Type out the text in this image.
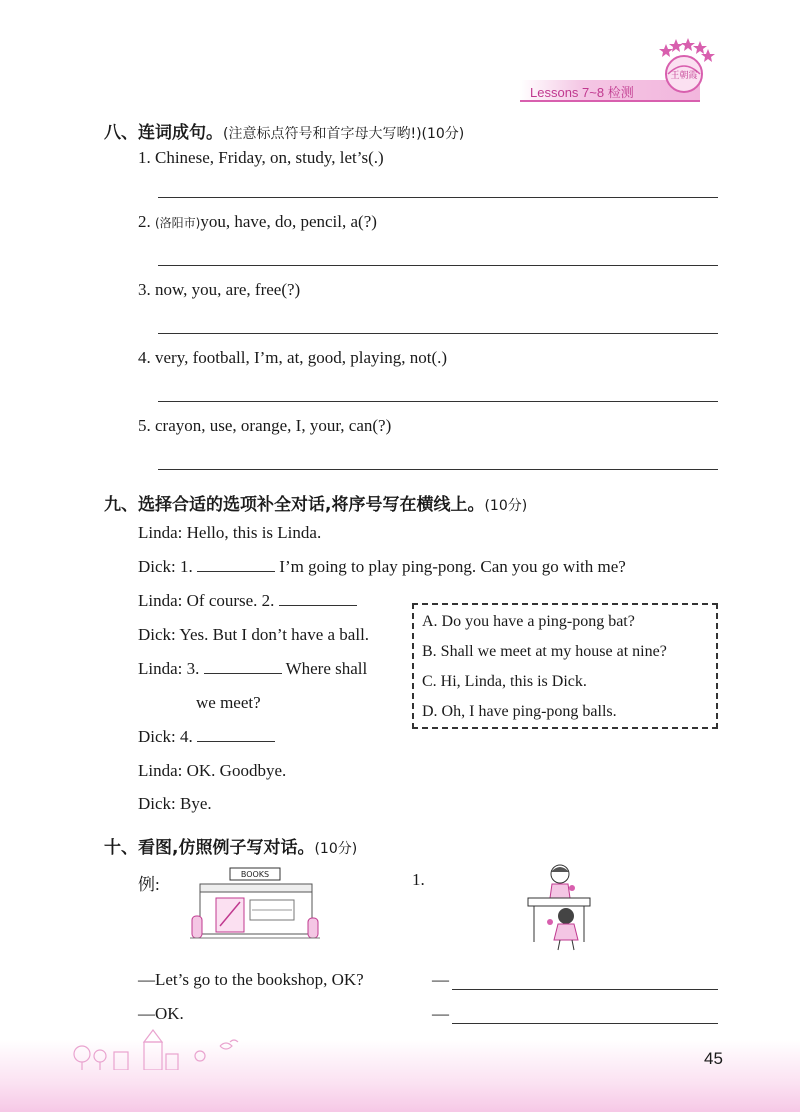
Lessons 7~8 检测
王朝霞
八、连词成句。(注意标点符号和首字母大写哟!)(10分)
1. Chinese, Friday, on, study, let’s(.)
2. (洛阳市)you, have, do, pencil, a(?)
3. now, you, are, free(?)
4. very, football, I’m, at, good, playing, not(.)
5. crayon, use, orange, I, your, can(?)
九、选择合适的选项补全对话,将序号写在横线上。(10分)
Linda: Hello, this is Linda.
Dick: 1.	I’m going to play ping-pong. Can you go with me?
Linda: Of course. 2.
Dick: Yes. But I don’t have a ball.
Linda: 3.	Where shall
we meet?
Dick: 4.
Linda: OK. Goodbye.
Dick: Bye.
A. Do you have a ping-pong bat?
B. Shall we meet at my house at nine?
C. Hi, Linda, this is Dick.
D. Oh, I have ping-pong balls.
十、看图,仿照例子写对话。(10分)
例:	1.
BOOKS
—Let’s go to the bookshop, OK?
—OK.
—
—
45
